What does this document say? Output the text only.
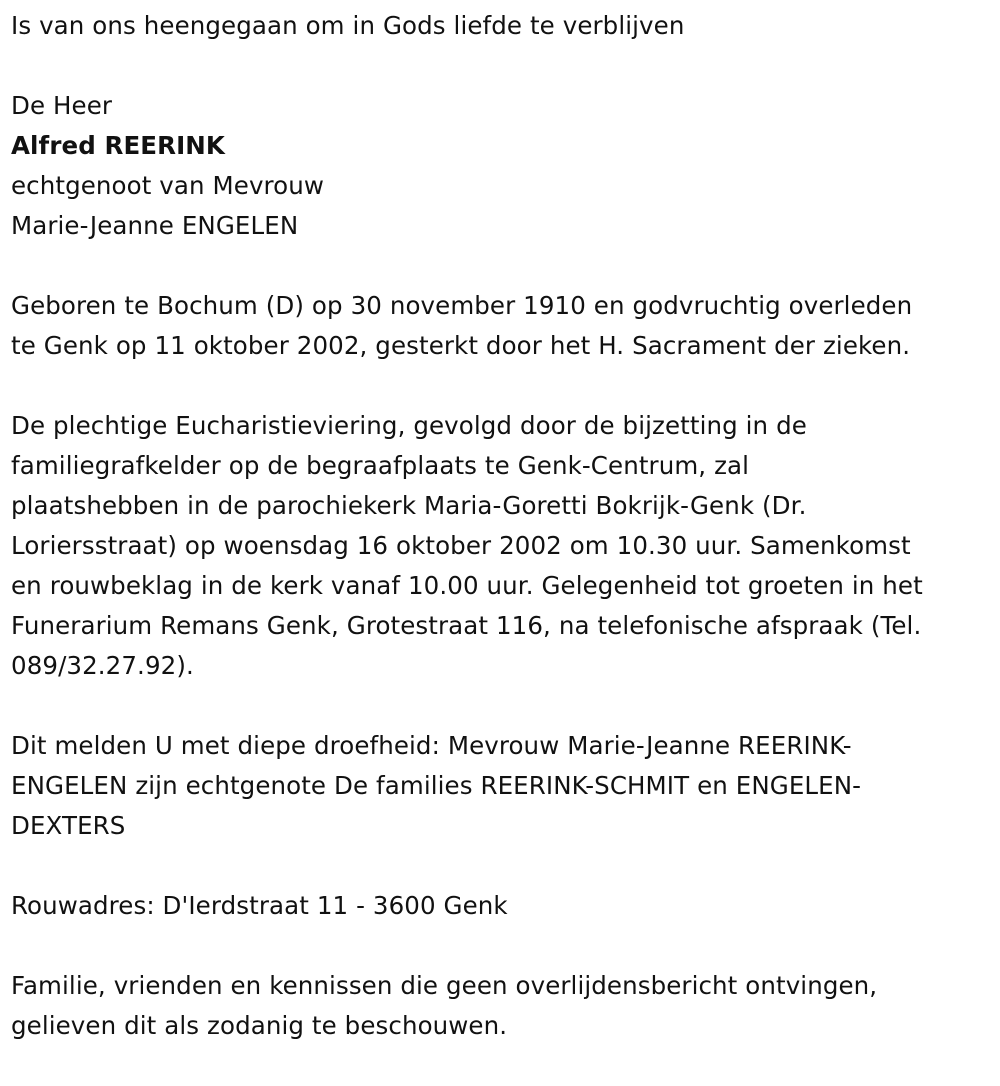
Is van ons heengegaan om in Gods liefde te verblijven

De Heer

Alfred REERINK

echtgenoot van Mevrouw

Marie-Jeanne ENGELEN

Geboren te Bochum (D) op 30 november 1910 en godvruchtig overleden

te Genk op 11 oktober 2002, gesterkt door het H. Sacrament der zieken.

De plechtige Eucharistieviering, gevolgd door de bijzetting in de

familiegrafkelder op de begraafplaats te Genk-Centrum, zal

plaatshebben in de parochiekerk Maria-Goretti Bokrijk-Genk (Dr.

Loriersstraat) op woensdag 16 oktober 2002 om 10.30 uur. Samenkomst

en rouwbeklag in de kerk vanaf 10.00 uur. Gelegenheid tot groeten in het

Funerarium Remans Genk, Grotestraat 116, na telefonische afspraak (Tel.

089/32.27.92).

Dit melden U met diepe droefheid: Mevrouw Marie-Jeanne REERINK-

ENGELEN zijn echtgenote De families REERINK-SCHMIT en ENGELEN-

DEXTERS

Rouwadres: D'Ierdstraat 11 - 3600 Genk

Familie, vrienden en kennissen die geen overlijdensbericht ontvingen,

gelieven dit als zodanig te beschouwen.
